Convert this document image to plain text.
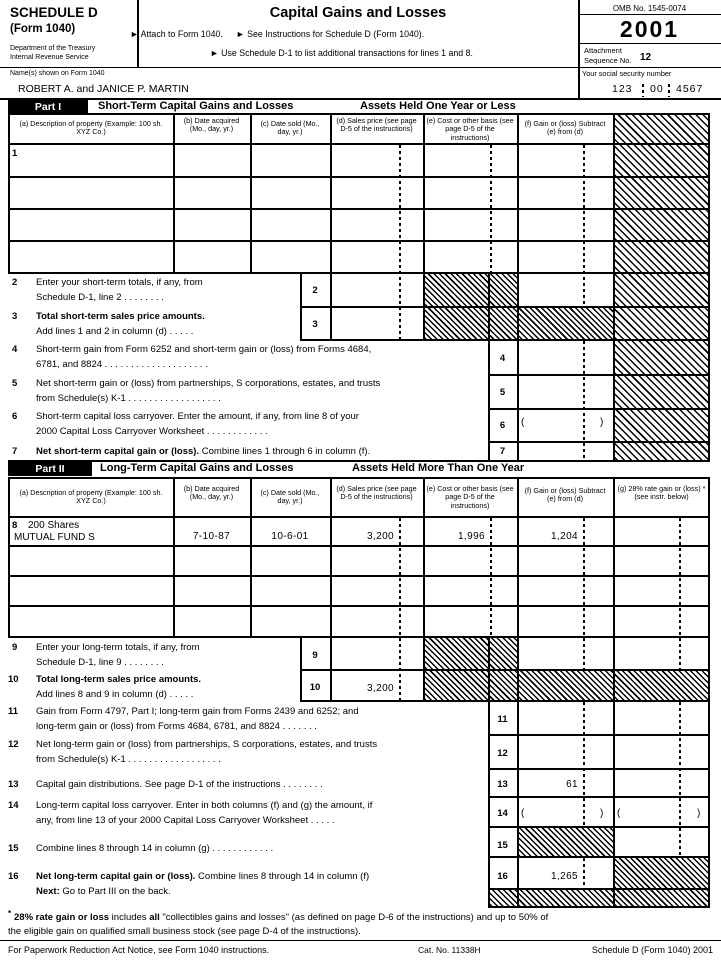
SCHEDULE D
(Form 1040)
Department of the Treasury
Internal Revenue Service
Capital Gains and Losses
► Attach to Form 1040. ► See Instructions for Schedule D (Form 1040).
► Use Schedule D-1 to list additional transactions for lines 1 and 8.
OMB No. 1545-0074
2001
Attachment
Sequence No. 12
Name(s) shown on Form 1040
ROBERT A. and JANICE P. MARTIN
Your social security number
123 00 4567
Part I	Short-Term Capital Gains and Losses	Assets Held One Year or Less
(a) Description of property (Example: 100 sh. XYZ Co.)
(b) Date acquired (Mo., day, yr.)
(c) Date sold (Mo., day, yr.)
(d) Sales price (see page D-5 of the instructions)
(e) Cost or other basis (see page D-5 of the instructions)
(f) Gain or (loss) Subtract (e) from (d)
1
2	Enter your short-term totals, if any, from
Schedule D-1, line 2 . . . . . . . .
2
3	Total short-term sales price amounts.
Add lines 1 and 2 in column (d) . . . . .
3
4	Short-term gain from Form 6252 and short-term gain or (loss) from Forms 4684,
6781, and 8824 . . . . . . . . . . . . . . . . . . . .
4
5	Net short-term gain or (loss) from partnerships, S corporations, estates, and trusts
from Schedule(s) K-1 . . . . . . . . . . . . . . . . . .
5
6	Short-term capital loss carryover. Enter the amount, if any, from line 8 of your
2000 Capital Loss Carryover Worksheet . . . . . . . . . . . .
6	(	)
7	Net short-term capital gain or (loss). Combine lines 1 through 6 in column (f).	7
Part II	Long-Term Capital Gains and Losses	Assets Held More Than One Year
(a) Description of property (Example: 100 sh. XYZ Co.)
(b) Date acquired (Mo., day, yr.)	(c) Date sold (Mo., day, yr.)
(d) Sales price (see page D-5 of the instructions)
(e) Cost or other basis (see page D-5 of the instructions)
(f) Gain or (loss) Subtract (e) from (d)
(g) 28% rate gain or (loss) * (see instr. below)
8	200 Shares
MUTUAL FUND S	7-10-87	10-6-01	3,200	1,996	1,204
9	Enter your long-term totals, if any, from
Schedule D-1, line 9 . . . . . . . .
9
10	Total long-term sales price amounts.
Add lines 8 and 9 in column (d) . . . . .
10	3,200
11	Gain from Form 4797, Part I; long-term gain from Forms 2439 and 6252; and
long-term gain or (loss) from Forms 4684, 6781, and 8824 . . . . . . .
11
12	Net long-term gain or (loss) from partnerships, S corporations, estates, and trusts
from Schedule(s) K-1 . . . . . . . . . . . . . . . . . .
12
13	Capital gain distributions. See page D-1 of the instructions . . . . . . . .	13	61
14	Long-term capital loss carryover. Enter in both columns (f) and (g) the amount, if
any, from line 13 of your 2000 Capital Loss Carryover Worksheet . . . . .
14	(	)	(	)
15	Combine lines 8 through 14 in column (g) . . . . . . . . . . . .	15
16	Net long-term capital gain or (loss). Combine lines 8 through 14 in column (f)
Next: Go to Part III on the back.
16	1,265
* 28% rate gain or loss includes all "collectibles gains and losses" (as defined on page D-6 of the instructions) and up to 50% of
the eligible gain on qualified small business stock (see page D-4 of the instructions).
For Paperwork Reduction Act Notice, see Form 1040 instructions.	Cat. No. 11338H	Schedule D (Form 1040) 2001
